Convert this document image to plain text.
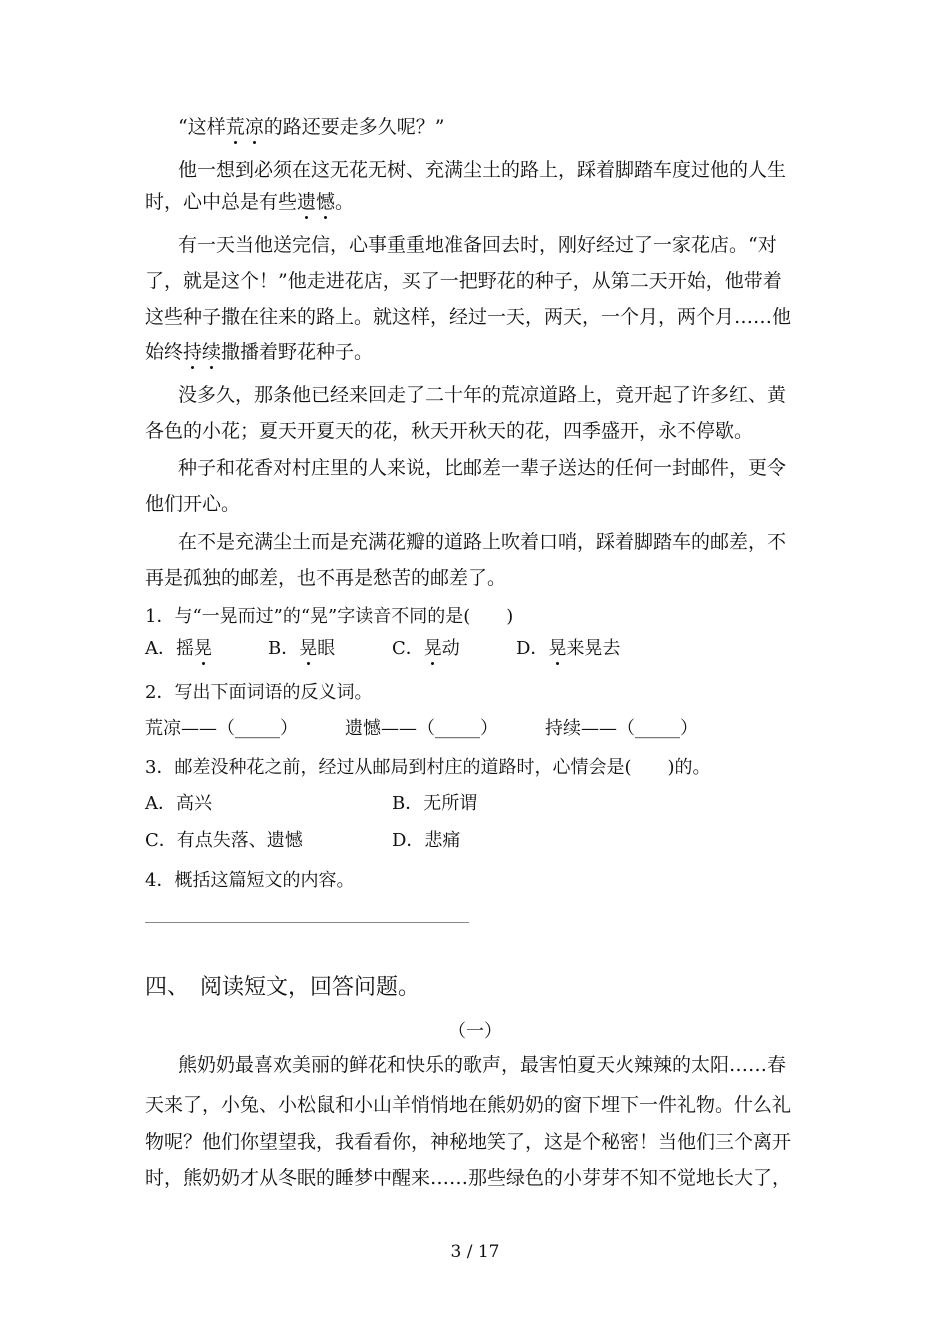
“这样荒凉的路还要走多久呢？”
他一想到必须在这无花无树、充满尘土的路上，踩着脚踏车度过他的人生
时，心中总是有些遗憾。
有一天当他送完信，心事重重地准备回去时，刚好经过了一家花店。“对
了，就是这个！”他走进花店，买了一把野花的种子，从第二天开始，他带着
这些种子撒在往来的路上。就这样，经过一天，两天，一个月，两个月……他
始终持续撒播着野花种子。
没多久，那条他已经来回走了二十年的荒凉道路上，竟开起了许多红、黄
各色的小花；夏天开夏天的花，秋天开秋天的花，四季盛开，永不停歇。
种子和花香对村庄里的人来说，比邮差一辈子送达的任何一封邮件，更令
他们开心。
在不是充满尘土而是充满花瓣的道路上吹着口哨，踩着脚踏车的邮差，不
再是孤独的邮差，也不再是愁苦的邮差了。
1．与“一晃而过”的“晃”字读音不同的是(　　)
A．摇晃	B．晃眼	C．晃动	D．晃来晃去
2．写出下面词语的反义词。
荒凉——（_____）	遗憾——（_____）	持续——（_____）
3．邮差没种花之前，经过从邮局到村庄的道路时，心情会是(　　)的。
A．高兴	B．无所谓
C．有点失落、遗憾	D．悲痛
4．概括这篇短文的内容。
四、　阅读短文，回答问题。
（一）
熊奶奶最喜欢美丽的鲜花和快乐的歌声，最害怕夏天火辣辣的太阳……春
天来了，小兔、小松鼠和小山羊悄悄地在熊奶奶的窗下埋下一件礼物。什么礼
物呢？他们你望望我，我看看你，神秘地笑了，这是个秘密！当他们三个离开
时，熊奶奶才从冬眠的睡梦中醒来……那些绿色的小芽芽不知不觉地长大了，
3 / 17
